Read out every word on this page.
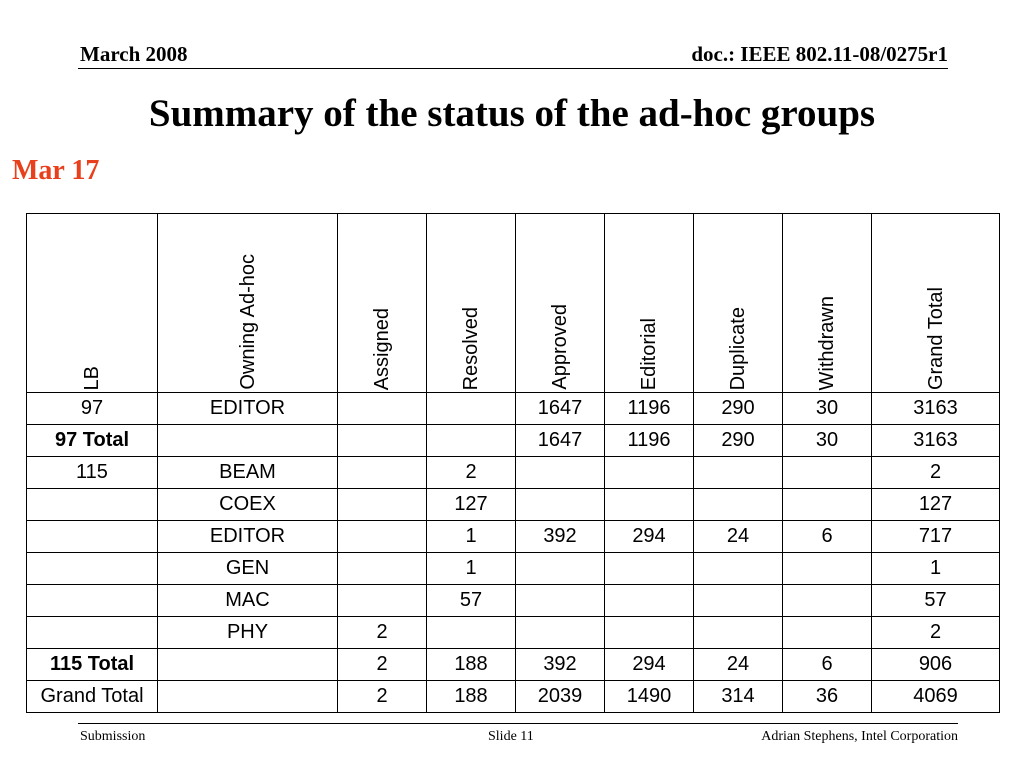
March 2008	doc.: IEEE 802.11-08/0275r1
Summary of the status of the ad-hoc groups
Mar 17
LB	Owning Ad-hoc	Assigned	Resolved	Approved	Editorial	Duplicate	Withdrawn	Grand Total

97	EDITOR			1647	1196	290	30	3163
97 Total				1647	1196	290	30	3163
115	BEAM		2					2
	COEX		127					127
	EDITOR		1	392	294	24	6	717
	GEN		1					1
	MAC		57					57
	PHY	2						2
115 Total		2	188	392	294	24	6	906
Grand Total		2	188	2039	1490	314	36	4069
Submission	Slide 11	Adrian Stephens, Intel Corporation
